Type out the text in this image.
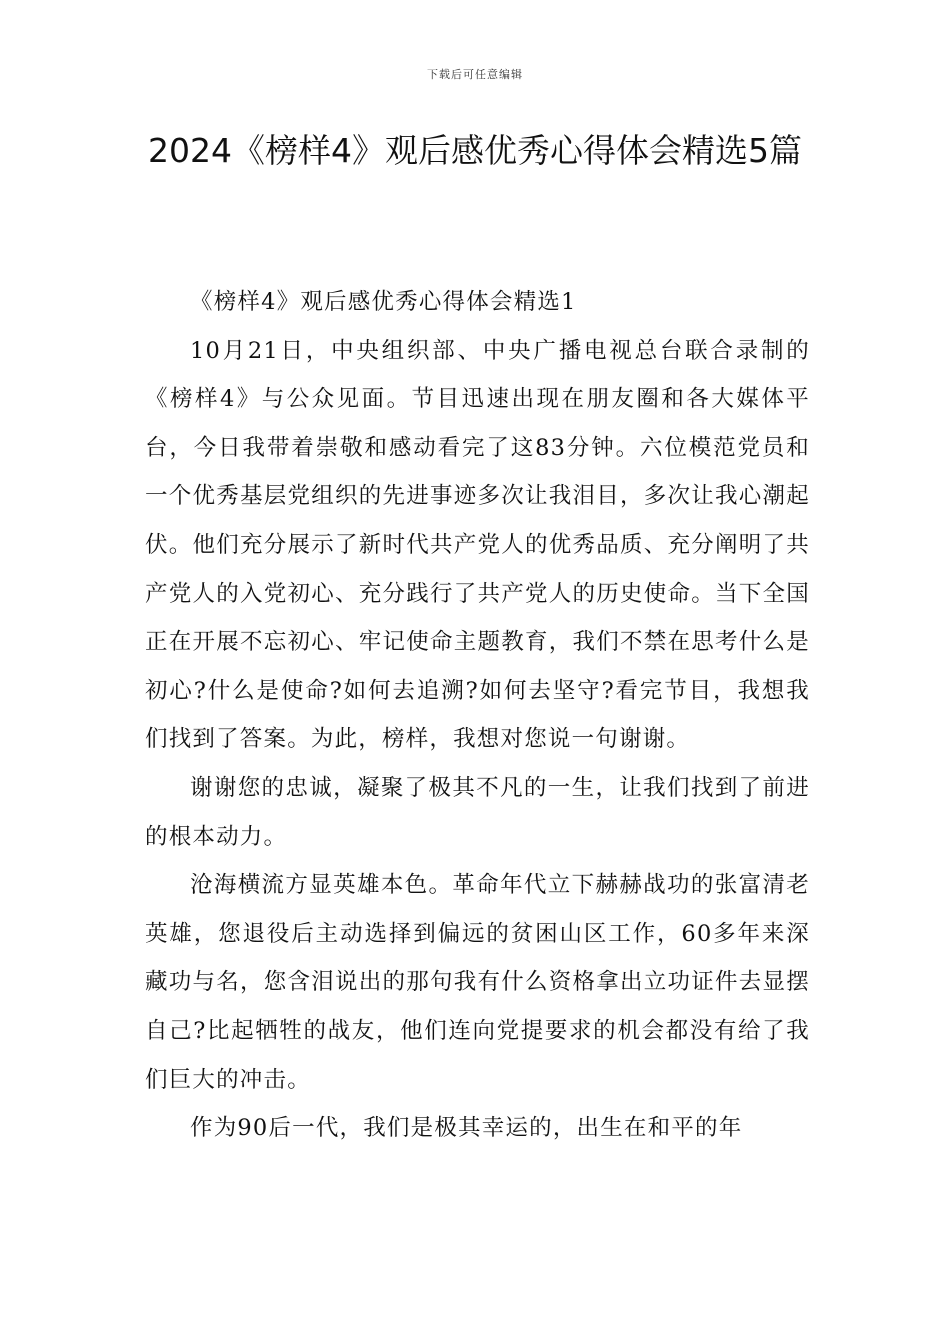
下载后可任意编辑
2024《榜样4》观后感优秀心得体会精选5篇

《榜样4》观后感优秀心得体会精选1

10月21日，中央组织部、中央广播电视总台联合录制的《榜样4》与公众见面。节目迅速出现在朋友圈和各大媒体平台，今日我带着崇敬和感动看完了这83分钟。六位模范党员和一个优秀基层党组织的先进事迹多次让我泪目，多次让我心潮起伏。他们充分展示了新时代共产党人的优秀品质、充分阐明了共产党人的入党初心、充分践行了共产党人的历史使命。当下全国正在开展不忘初心、牢记使命主题教育，我们不禁在思考什么是初心?什么是使命?如何去追溯?如何去坚守?看完节目，我想我们找到了答案。为此，榜样，我想对您说一句谢谢。

谢谢您的忠诚，凝聚了极其不凡的一生，让我们找到了前进的根本动力。

沧海横流方显英雄本色。革命年代立下赫赫战功的张富清老英雄，您退役后主动选择到偏远的贫困山区工作，60多年来深藏功与名，您含泪说出的那句我有什么资格拿出立功证件去显摆自己?比起牺牲的战友，他们连向党提要求的机会都没有给了我们巨大的冲击。

作为90后一代，我们是极其幸运的，出生在和平的年
